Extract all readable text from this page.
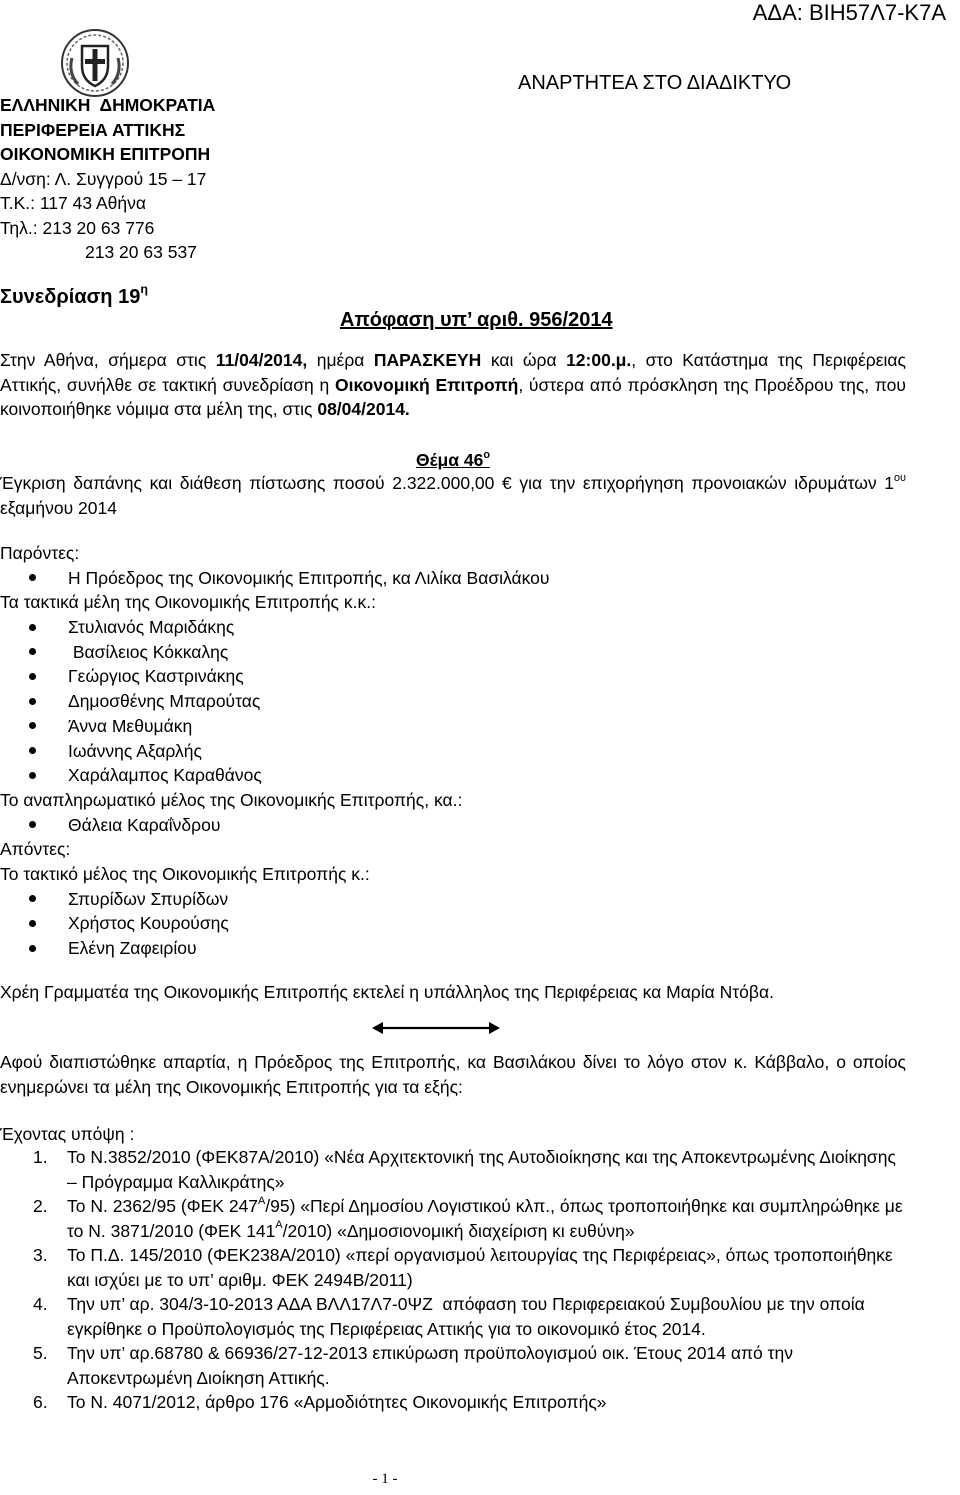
ΑΔΑ: ΒΙΗ57Λ7-Κ7Α
ΑΝΑΡΤΗΤΕΑ ΣΤΟ ΔΙΑΔΙΚΤΥΟ
ΕΛΛΗΝΙΚΗ  ΔΗΜΟΚΡΑΤΙΑ
ΠΕΡΙΦΕΡΕΙΑ ΑΤΤΙΚΗΣ
ΟΙΚΟΝΟΜΙΚΗ ΕΠΙΤΡΟΠΗ
Δ/νση: Λ. Συγγρού 15 – 17
Τ.Κ.: 117 43 Αθήνα
Τηλ.: 213 20 63 776
213 20 63 537
Συνεδρίαση $19^\eta$
Απόφαση υπ’ αριθ. 956/2014
Στην Αθήνα, σήμερα στις 11/04/2014, ημέρα ΠΑΡΑΣΚΕΥΗ και ώρα 12:00.μ., στο Κατάστημα της Περιφέρειας Αττικής, συνήλθε σε τακτική συνεδρίαση η Οικονομική Επιτροπή, ύστερα από πρόσκληση της Προέδρου της, που κοινοποιήθηκε νόμιμα στα μέλη της, στις 08/04/2014.
Θέμα $46^o$
Έγκριση δαπάνης και διάθεση πίστωσης ποσού 2.322.000,00 € για την επιχορήγηση προνοιακών ιδρυμάτων $1^{o\upsilon}$ εξαμήνου 2014
Παρόντες:
Η Πρόεδρος της Οικονομικής Επιτροπής, κα Λιλίκα Βασιλάκου
Τα τακτικά μέλη της Οικονομικής Επιτροπής κ.κ.:
Στυλιανός Μαριδάκης
Βασίλειος Κόκκαλης
Γεώργιος Καστρινάκης
Δημοσθένης Μπαρούτας
Άννα Μεθυμάκη
Ιωάννης Αξαρλής
Χαράλαμπος Καραθάνος
Το αναπληρωματικό μέλος της Οικονομικής Επιτροπής, κα.:
Θάλεια Καραΐνδρου
Απόντες:
Το τακτικό μέλος της Οικονομικής Επιτροπής κ.:
Σπυρίδων Σπυρίδων
Χρήστος Κουρούσης
Ελένη Ζαφειρίου
Χρέη Γραμματέα της Οικονομικής Επιτροπής εκτελεί η υπάλληλος της Περιφέρειας κα Μαρία Ντόβα.
Αφού διαπιστώθηκε απαρτία, η Πρόεδρος της Επιτροπής, κα Βασιλάκου δίνει το λόγο στον κ. Κάββαλο, ο οποίος ενημερώνει τα μέλη της Οικονομικής Επιτροπής για τα εξής:
Έχοντας υπόψη :
1. Το Ν.3852/2010 (ΦΕΚ87Α/2010) «Νέα Αρχιτεκτονική της Αυτοδιοίκησης και της Αποκεντρωμένης Διοίκησης – Πρόγραμμα Καλλικράτης»
2. Το Ν. 2362/95 (ΦΕΚ $247^A/95$) «Περί Δημοσίου Λογιστικού κλπ., όπως τροποποιήθηκε και συμπληρώθηκε με το Ν. 3871/2010 (ΦΕΚ $141^A/2010$) «Δημοσιονομική διαχείριση κι ευθύνη»
3. Το Π.Δ. 145/2010 (ΦΕΚ238Α/2010) «περί οργανισμού λειτουργίας της Περιφέρειας», όπως τροποποιήθηκε και ισχύει με το υπ’ αριθμ. ΦΕΚ 2494Β/2011)
4. Την υπ’ αρ. 304/3-10-2013 ΑΔΑ ΒΛΛ17Λ7-0ΨΖ  απόφαση του Περιφερειακού Συμβουλίου με την οποία εγκρίθηκε ο Προϋπολογισμός της Περιφέρειας Αττικής για το οικονομικό έτος 2014.
5. Την υπ’ αρ.68780 & 66936/27-12-2013 επικύρωση προϋπολογισμού οικ. Έτους 2014 από την Αποκεντρωμένη Διοίκηση Αττικής.
6. Το Ν. 4071/2012, άρθρο 176 «Αρμοδιότητες Οικονομικής Επιτροπής»
- 1 -
